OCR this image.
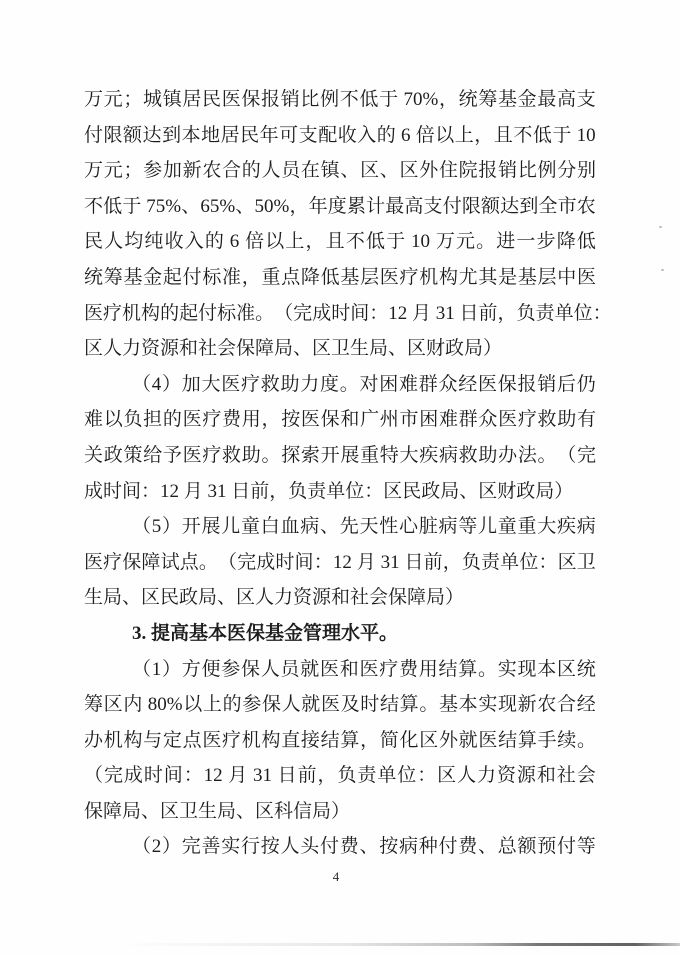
万 元 ； 城 镇 居 民 医 保 报 销 比 例 不 低 于 70% ， 统 筹 基 金 最 高 支
付 限 额 达 到 本 地 居 民 年 可 支 配 收 入 的 6 倍 以 上 ， 且 不 低 于 10
万 元 ； 参 加 新 农 合 的 人 员 在 镇 、 区 、 区 外 住 院 报 销 比 例 分 别
不 低 于 75% 、 65% 、 50% ， 年 度 累 计 最 高 支 付 限 额 达 到 全 市 农
民 人 均 纯 收 入 的 6 倍 以 上 ， 且 不 低 于 10 万 元 。 进 一 步 降 低
统 筹 基 金 起 付 标 准 ， 重 点 降 低 基 层 医 疗 机 构 尤 其 是 基 层 中 医
医 疗 机 构 的 起 付 标 准 。 （ 完 成 时 间 ： 12 月 31 日 前 ， 负 责 单 位 ：
区人力资源和社会保障局、区卫生局、区财政局）
（ 4 ） 加 大 医 疗 救 助 力 度 。 对 困 难 群 众 经 医 保 报 销 后 仍
难 以 负 担 的 医 疗 费 用 ， 按 医 保 和 广 州 市 困 难 群 众 医 疗 救 助 有
关 政 策 给 予 医 疗 救 助 。 探 索 开 展 重 特 大 疾 病 救 助 办 法 。 （ 完
成时间：12 月 31 日前，负责单位：区民政局、区财政局）
（ 5 ） 开 展 儿 童 白 血 病 、 先 天 性 心 脏 病 等 儿 童 重 大 疾 病
医 疗 保 障 试 点 。 （ 完 成 时 间 ： 12 月 31 日 前 ， 负 责 单 位 ： 区 卫
生局、区民政局、区人力资源和社会保障局）
3. 提高基本医保基金管理水平。
（ 1 ） 方 便 参 保 人 员 就 医 和 医 疗 费 用 结 算 。 实 现 本 区 统
筹 区 内 80% 以 上 的 参 保 人 就 医 及 时 结 算 。 基 本 实 现 新 农 合 经
办 机 构 与 定 点 医 疗 机 构 直 接 结 算 ， 简 化 区 外 就 医 结 算 手 续 。
（ 完 成 时 间 ： 12 月 31 日 前 ， 负 责 单 位 ： 区 人 力 资 源 和 社 会
保障局、区卫生局、区科信局）
（ 2 ） 完 善 实 行 按 人 头 付 费 、 按 病 种 付 费 、 总 额 预 付 等
4
